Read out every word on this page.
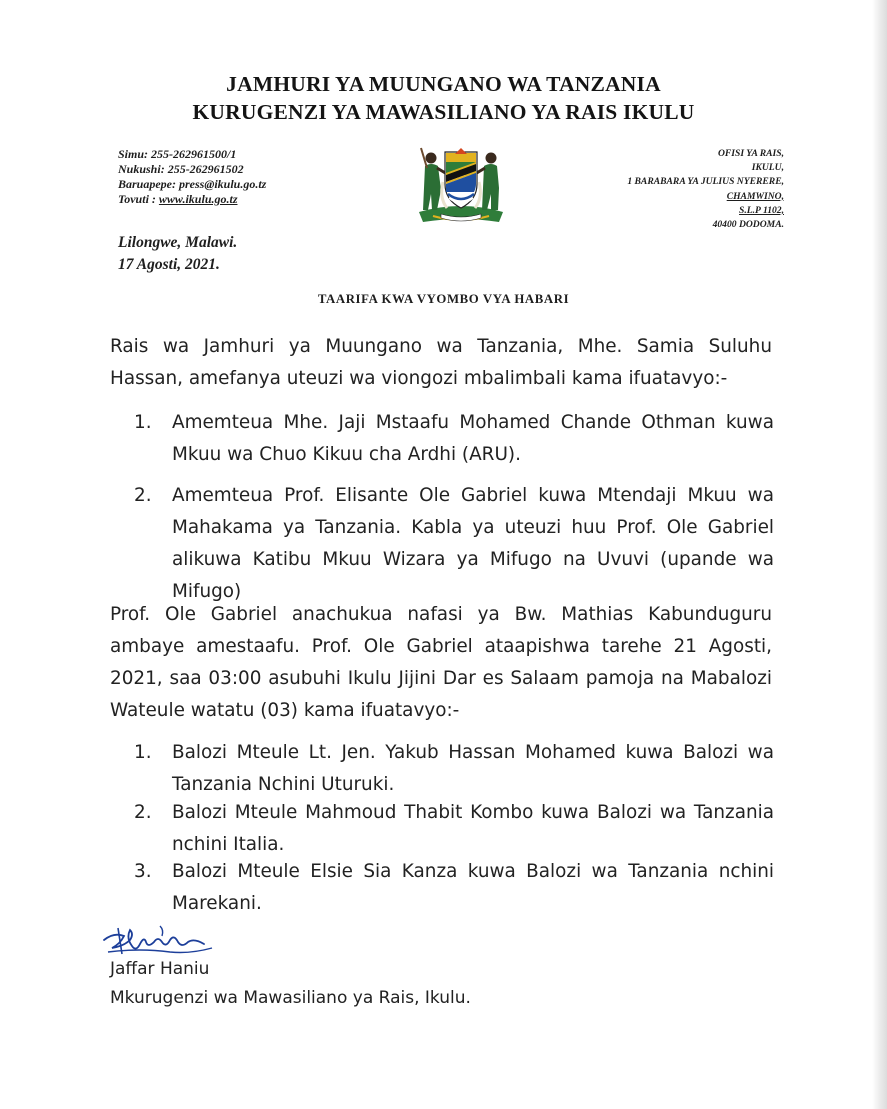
JAMHURI YA MUUNGANO WA TANZANIA
KURUGENZI YA MAWASILIANO YA RAIS IKULU
Simu: 255-262961500/1
Nukushi: 255-262961502
Baruapepe: press@ikulu.go.tz
Tovuti : www.ikulu.go.tz
OFISI YA RAIS,
IKULU,
1 BARABARA YA JULIUS NYERERE,
CHAMWINO,
S.L.P 1102,
40400 DODOMA.
Lilongwe, Malawi.
17 Agosti, 2021.
TAARIFA KWA VYOMBO VYA HABARI
Rais wa Jamhuri ya Muungano wa Tanzania, Mhe. Samia Suluhu Hassan, amefanya uteuzi wa viongozi mbalimbali kama ifuatavyo:-
1. Amemteua Mhe. Jaji Mstaafu Mohamed Chande Othman kuwa Mkuu wa Chuo Kikuu cha Ardhi (ARU).
2. Amemteua Prof. Elisante Ole Gabriel kuwa Mtendaji Mkuu wa Mahakama ya Tanzania. Kabla ya uteuzi huu Prof. Ole Gabriel alikuwa Katibu Mkuu Wizara ya Mifugo na Uvuvi (upande wa Mifugo)
Prof. Ole Gabriel anachukua nafasi ya Bw. Mathias Kabunduguru ambaye amestaafu. Prof. Ole Gabriel ataapishwa tarehe 21 Agosti, 2021, saa 03:00 asubuhi Ikulu Jijini Dar es Salaam pamoja na Mabalozi Wateule watatu (03) kama ifuatavyo:-
1. Balozi Mteule Lt. Jen. Yakub Hassan Mohamed kuwa Balozi wa Tanzania Nchini Uturuki.
2. Balozi Mteule Mahmoud Thabit Kombo kuwa Balozi wa Tanzania nchini Italia.
3. Balozi Mteule Elsie Sia Kanza kuwa Balozi wa Tanzania nchini Marekani.
Jaffar Haniu
Mkurugenzi wa Mawasiliano ya Rais, Ikulu.
